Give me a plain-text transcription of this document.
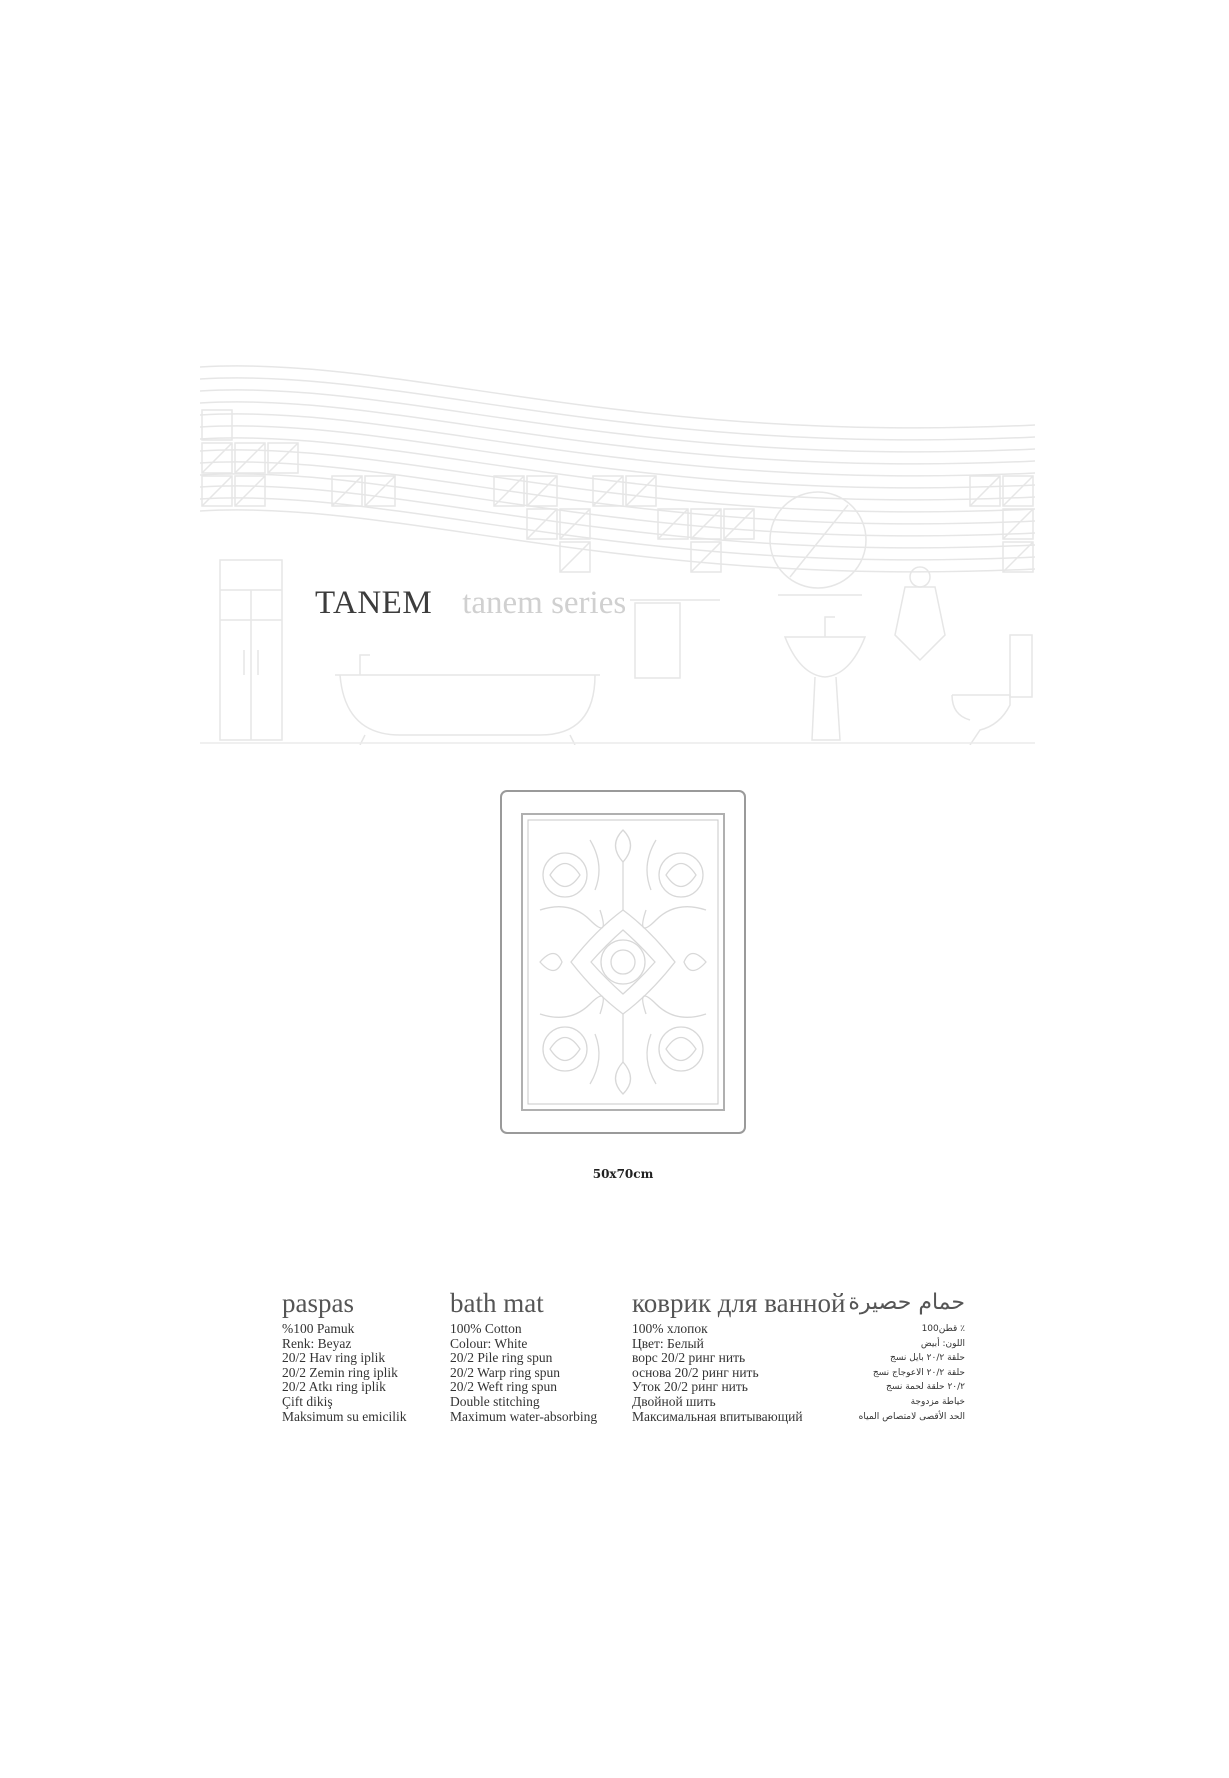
TANEM tanem series
50x70cm
paspas
%100 Pamuk
Renk: Beyaz
20/2 Hav ring iplik
20/2 Zemin ring iplik
20/2 Atkı ring iplik
Çift dikiş
Maksimum su emicilik
bath mat
100% Cotton
Colour: White
20/2 Pile ring spun
20/2 Warp ring spun
20/2 Weft ring spun
Double stitching
Maximum water-absorbing
коврик для ванной
100% хлопок
Цвет: Белый
ворс 20/2 ринг нить
основа 20/2 ринг нить
Уток 20/2 ринг нить
Двойной шить
Максимальная впитывающий
حمام حصيرة
٪ قطن100
اللون: أبيض
حلقة ٢٠/٢ بايل نسج
حلقة ٢٠/٢ الاعوجاج نسج
٢٠/٢ حلقة لحمة نسج
خياطة مزدوجة
الحد الأقصى لامتصاص المياه
